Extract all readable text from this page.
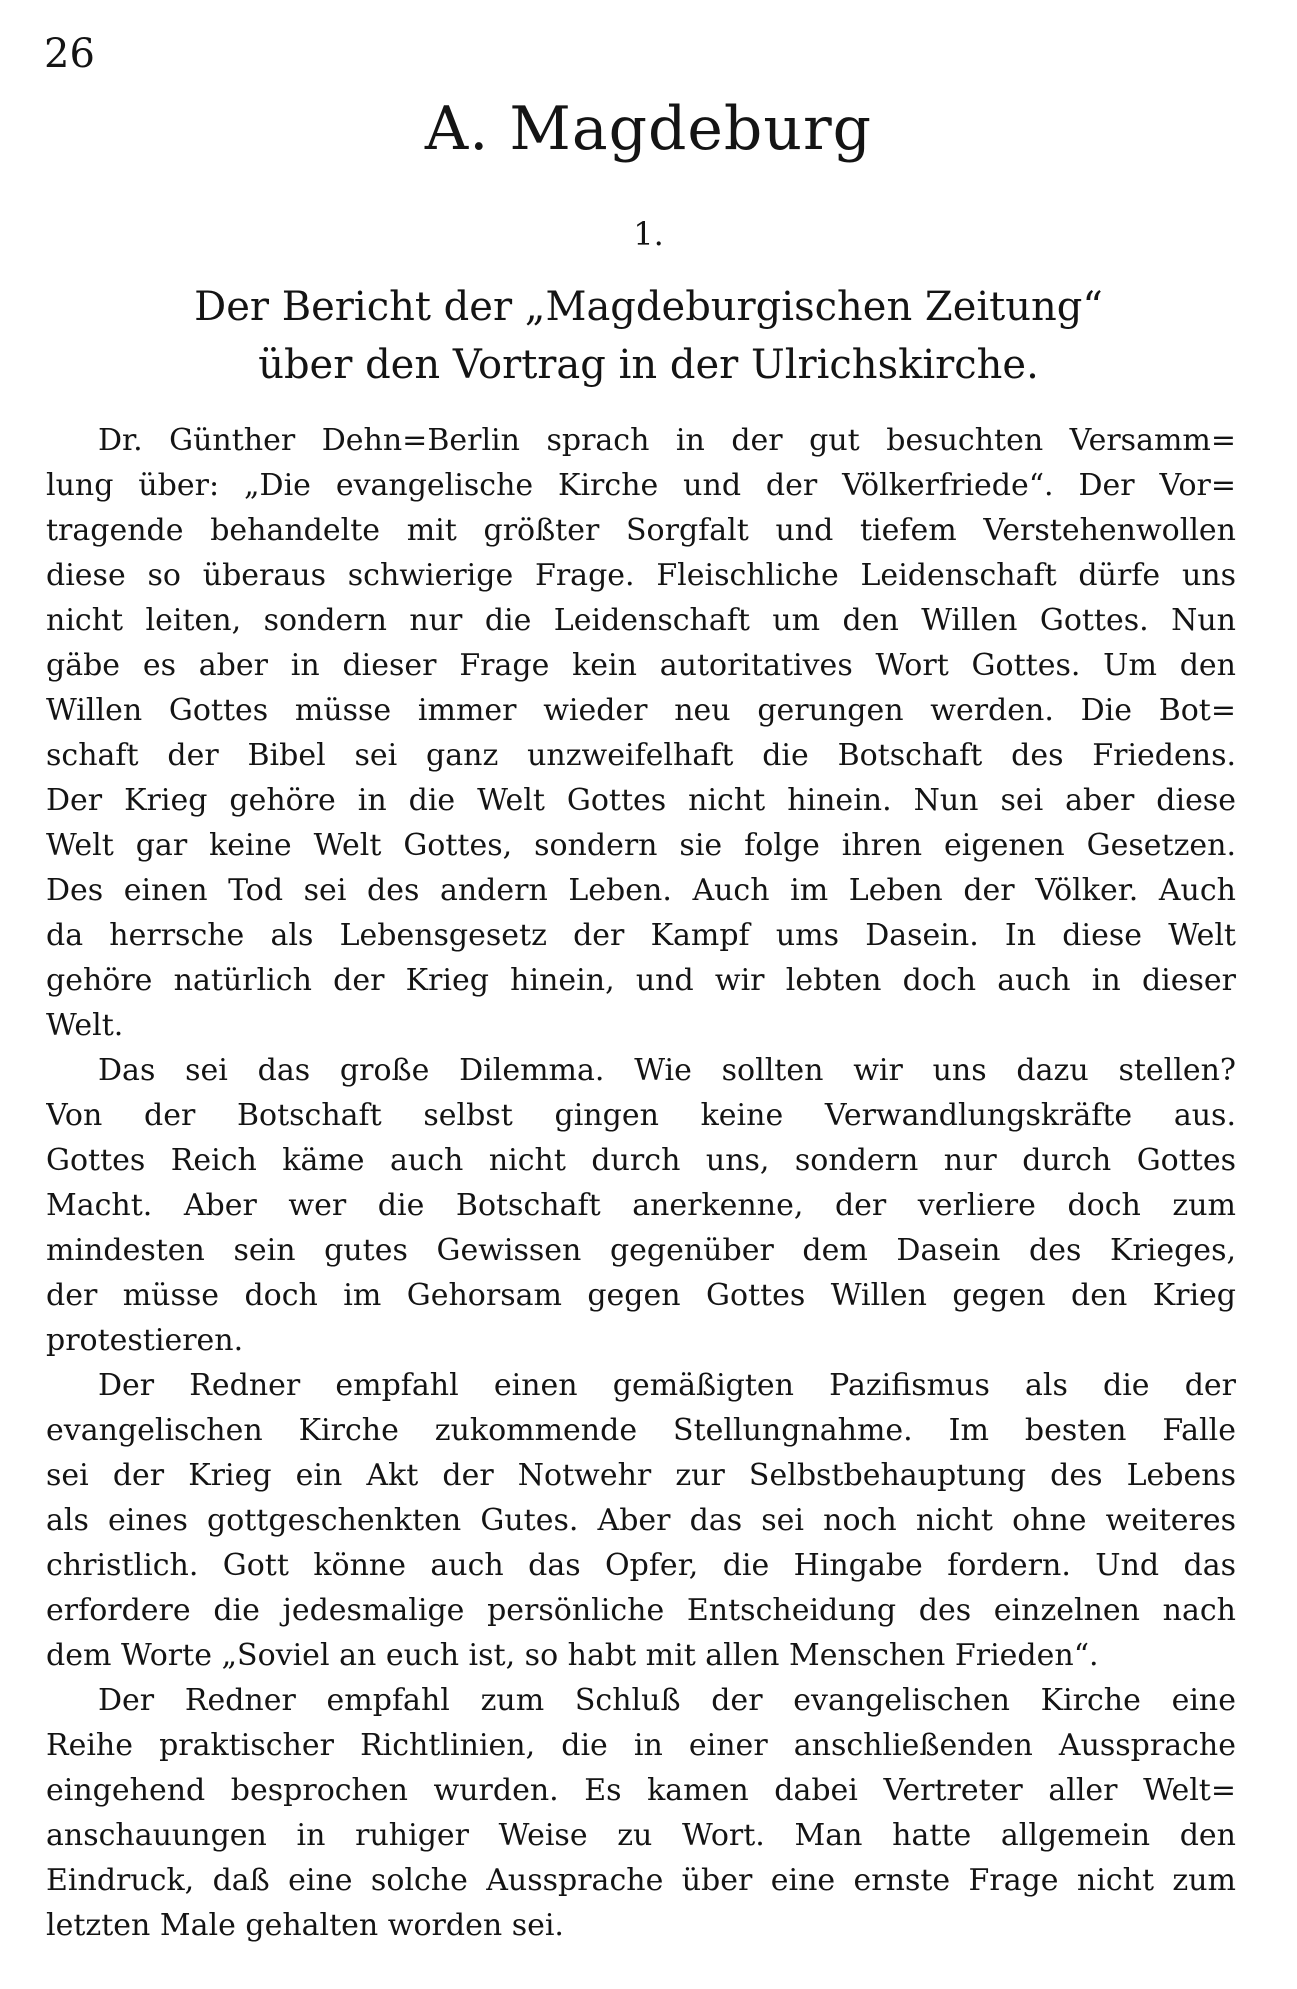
26
A. Magdeburg
1.
Der Bericht der „Magdeburgischen Zeitung“
über den Vortrag in der Ulrichskirche.
Dr. Günther Dehn=Berlin sprach in der gut besuchten Versamm=
lung über: „Die evangelische Kirche und der Völkerfriede“. Der Vor=
tragende behandelte mit größter Sorgfalt und tiefem Verstehenwollen
diese so überaus schwierige Frage. Fleischliche Leidenschaft dürfe uns
nicht leiten, sondern nur die Leidenschaft um den Willen Gottes. Nun
gäbe es aber in dieser Frage kein autoritatives Wort Gottes. Um den
Willen Gottes müsse immer wieder neu gerungen werden. Die Bot=
schaft der Bibel sei ganz unzweifelhaft die Botschaft des Friedens.
Der Krieg gehöre in die Welt Gottes nicht hinein. Nun sei aber diese
Welt gar keine Welt Gottes, sondern sie folge ihren eigenen Gesetzen.
Des einen Tod sei des andern Leben. Auch im Leben der Völker. Auch
da herrsche als Lebensgesetz der Kampf ums Dasein. In diese Welt
gehöre natürlich der Krieg hinein, und wir lebten doch auch in dieser
Welt.
Das sei das große Dilemma. Wie sollten wir uns dazu stellen?
Von der Botschaft selbst gingen keine Verwandlungskräfte aus.
Gottes Reich käme auch nicht durch uns, sondern nur durch Gottes
Macht. Aber wer die Botschaft anerkenne, der verliere doch zum
mindesten sein gutes Gewissen gegenüber dem Dasein des Krieges,
der müsse doch im Gehorsam gegen Gottes Willen gegen den Krieg
protestieren.
Der Redner empfahl einen gemäßigten Pazifismus als die der
evangelischen Kirche zukommende Stellungnahme. Im besten Falle
sei der Krieg ein Akt der Notwehr zur Selbstbehauptung des Lebens
als eines gottgeschenkten Gutes. Aber das sei noch nicht ohne weiteres
christlich. Gott könne auch das Opfer, die Hingabe fordern. Und das
erfordere die jedesmalige persönliche Entscheidung des einzelnen nach
dem Worte „Soviel an euch ist, so habt mit allen Menschen Frieden“.
Der Redner empfahl zum Schluß der evangelischen Kirche eine
Reihe praktischer Richtlinien, die in einer anschließenden Aussprache
eingehend besprochen wurden. Es kamen dabei Vertreter aller Welt=
anschauungen in ruhiger Weise zu Wort. Man hatte allgemein den
Eindruck, daß eine solche Aussprache über eine ernste Frage nicht zum
letzten Male gehalten worden sei.
